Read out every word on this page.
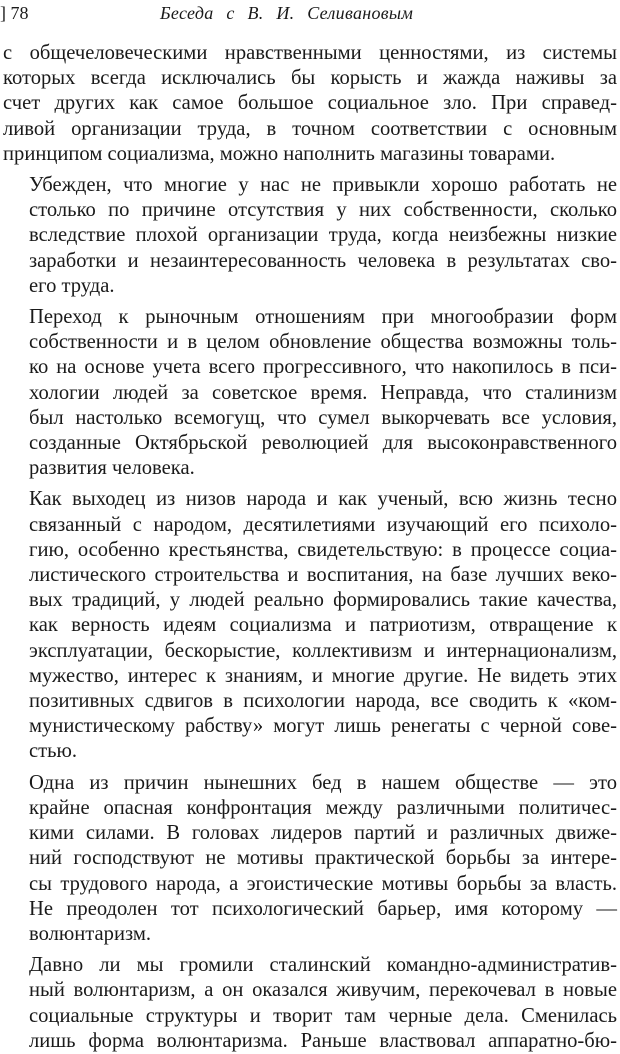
] 78	Беседа с В. И. Селивановым

с общечеловеческими нравственными ценностями, из системы
которых всегда исключались бы корысть и жажда наживы за
счет других как самое большое социальное зло. При справед-
ливой организации труда, в точном соответствии с основным
принципом социализма, можно наполнить магазины товарами.

Убежден, что многие у нас не привыкли хорошо работать не
столько по причине отсутствия у них собственности, сколько
вследствие плохой организации труда, когда неизбежны низкие
заработки и незаинтересованность человека в результатах сво-
его труда.

Переход к рыночным отношениям при многообразии форм
собственности и в целом обновление общества возможны толь-
ко на основе учета всего прогрессивного, что накопилось в пси-
хологии людей за советское время. Неправда, что сталинизм
был настолько всемогущ, что сумел выкорчевать все условия,
созданные Октябрьской революцией для высоконравственного
развития человека.

Как выходец из низов народа и как ученый, всю жизнь тесно
связанный с народом, десятилетиями изучающий его психоло-
гию, особенно крестьянства, свидетельствую: в процессе социа-
листического строительства и воспитания, на базе лучших веко-
вых традиций, у людей реально формировались такие качества,
как верность идеям социализма и патриотизм, отвращение к
эксплуатации, бескорыстие, коллективизм и интернационализм,
мужество, интерес к знаниям, и многие другие. Не видеть этих
позитивных сдвигов в психологии народа, все сводить к «ком-
мунистическому рабству» могут лишь ренегаты с черной сове-
стью.

Одна из причин нынешних бед в нашем обществе — это
крайне опасная конфронтация между различными политичес-
кими силами. В головах лидеров партий и различных движе-
ний господствуют не мотивы практической борьбы за интере-
сы трудового народа, а эгоистические мотивы борьбы за власть.
Не преодолен тот психологический барьер, имя которому —
волюнтаризм.

Давно ли мы громили сталинский командно-административ-
ный волюнтаризм, а он оказался живучим, перекочевал в новые
социальные структуры и творит там черные дела. Сменилась
лишь форма волюнтаризма. Раньше властвовал аппаратно-бю-
